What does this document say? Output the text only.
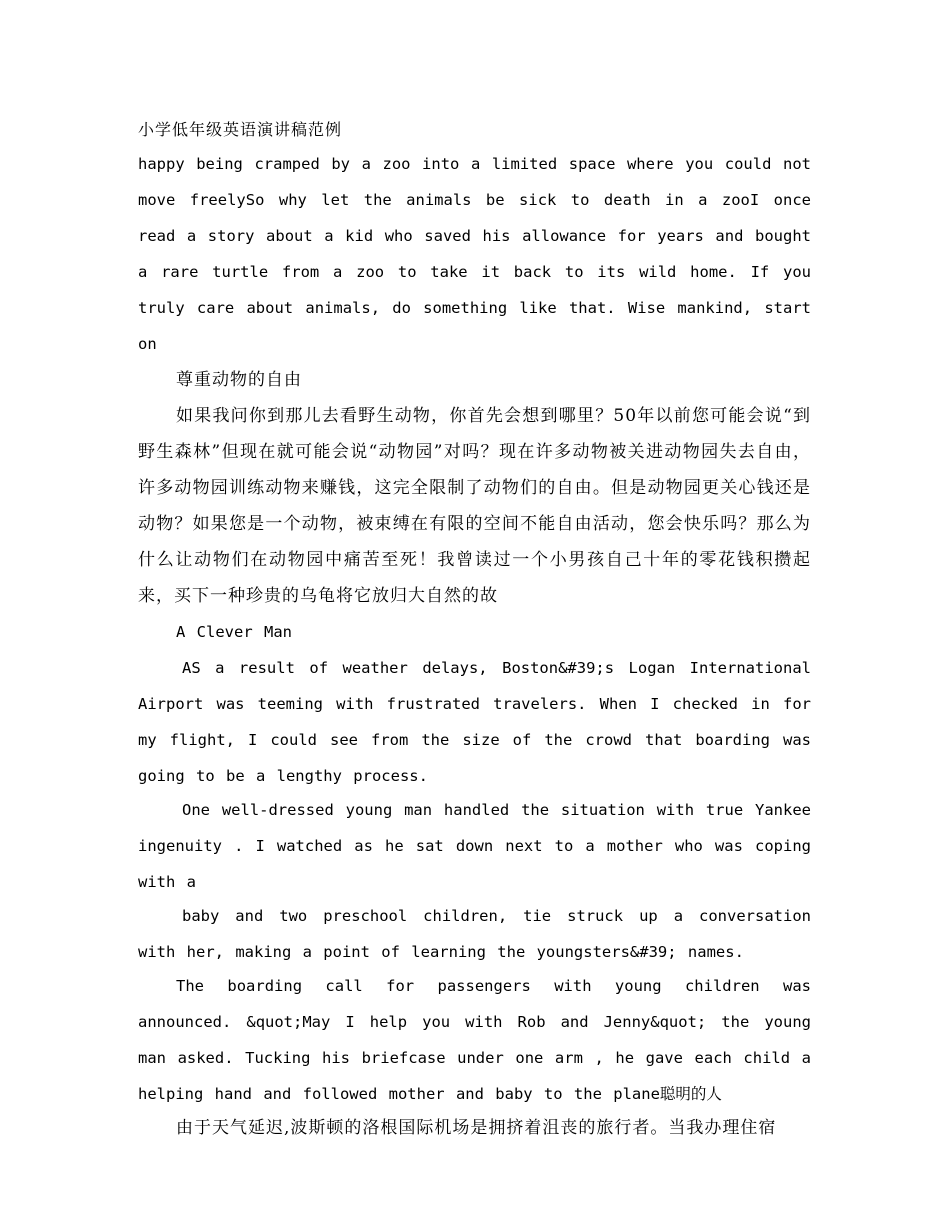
小学低年级英语演讲稿范例

happy being cramped by a zoo into a limited space where you could not move freelySo why let the animals be sick to death in a zooI once read a story about a kid who saved his allowance for years and bought a rare turtle from a zoo to take it back to its wild home. If you truly care about animals, do something like that. Wise mankind, start on

尊重动物的自由

如果我问你到那儿去看野生动物，你首先会想到哪里？50年以前您可能会说“到野生森林”但现在就可能会说“动物园”对吗？现在许多动物被关进动物园失去自由，许多动物园训练动物来赚钱，这完全限制了动物们的自由。但是动物园更关心钱还是动物？如果您是一个动物，被束缚在有限的空间不能自由活动，您会快乐吗？那么为什么让动物们在动物园中痛苦至死！我曾读过一个小男孩自己十年的零花钱积攒起来，买下一种珍贵的乌龟将它放归大自然的故

A Clever Man

AS a result of weather delays, Boston&#39;s Logan International Airport was teeming with frustrated travelers. When I checked in for my flight, I could see from the size of the crowd that boarding was going to be a lengthy process.

One well-dressed young man handled the situation with true Yankee ingenuity . I watched as he sat down next to a mother who was coping with a

baby and two preschool children, tie struck up a conversation with her, making a point of learning the youngsters&#39; names.

The boarding call for passengers with young children was announced. &quot;May I help you with Rob and Jenny&quot; the young man asked. Tucking his briefcase under one arm , he gave each child a helping hand and followed mother and baby to the plane聪明的人

由于天气延迟,波斯顿的洛根国际机场是拥挤着沮丧的旅行者。当我办理住宿
